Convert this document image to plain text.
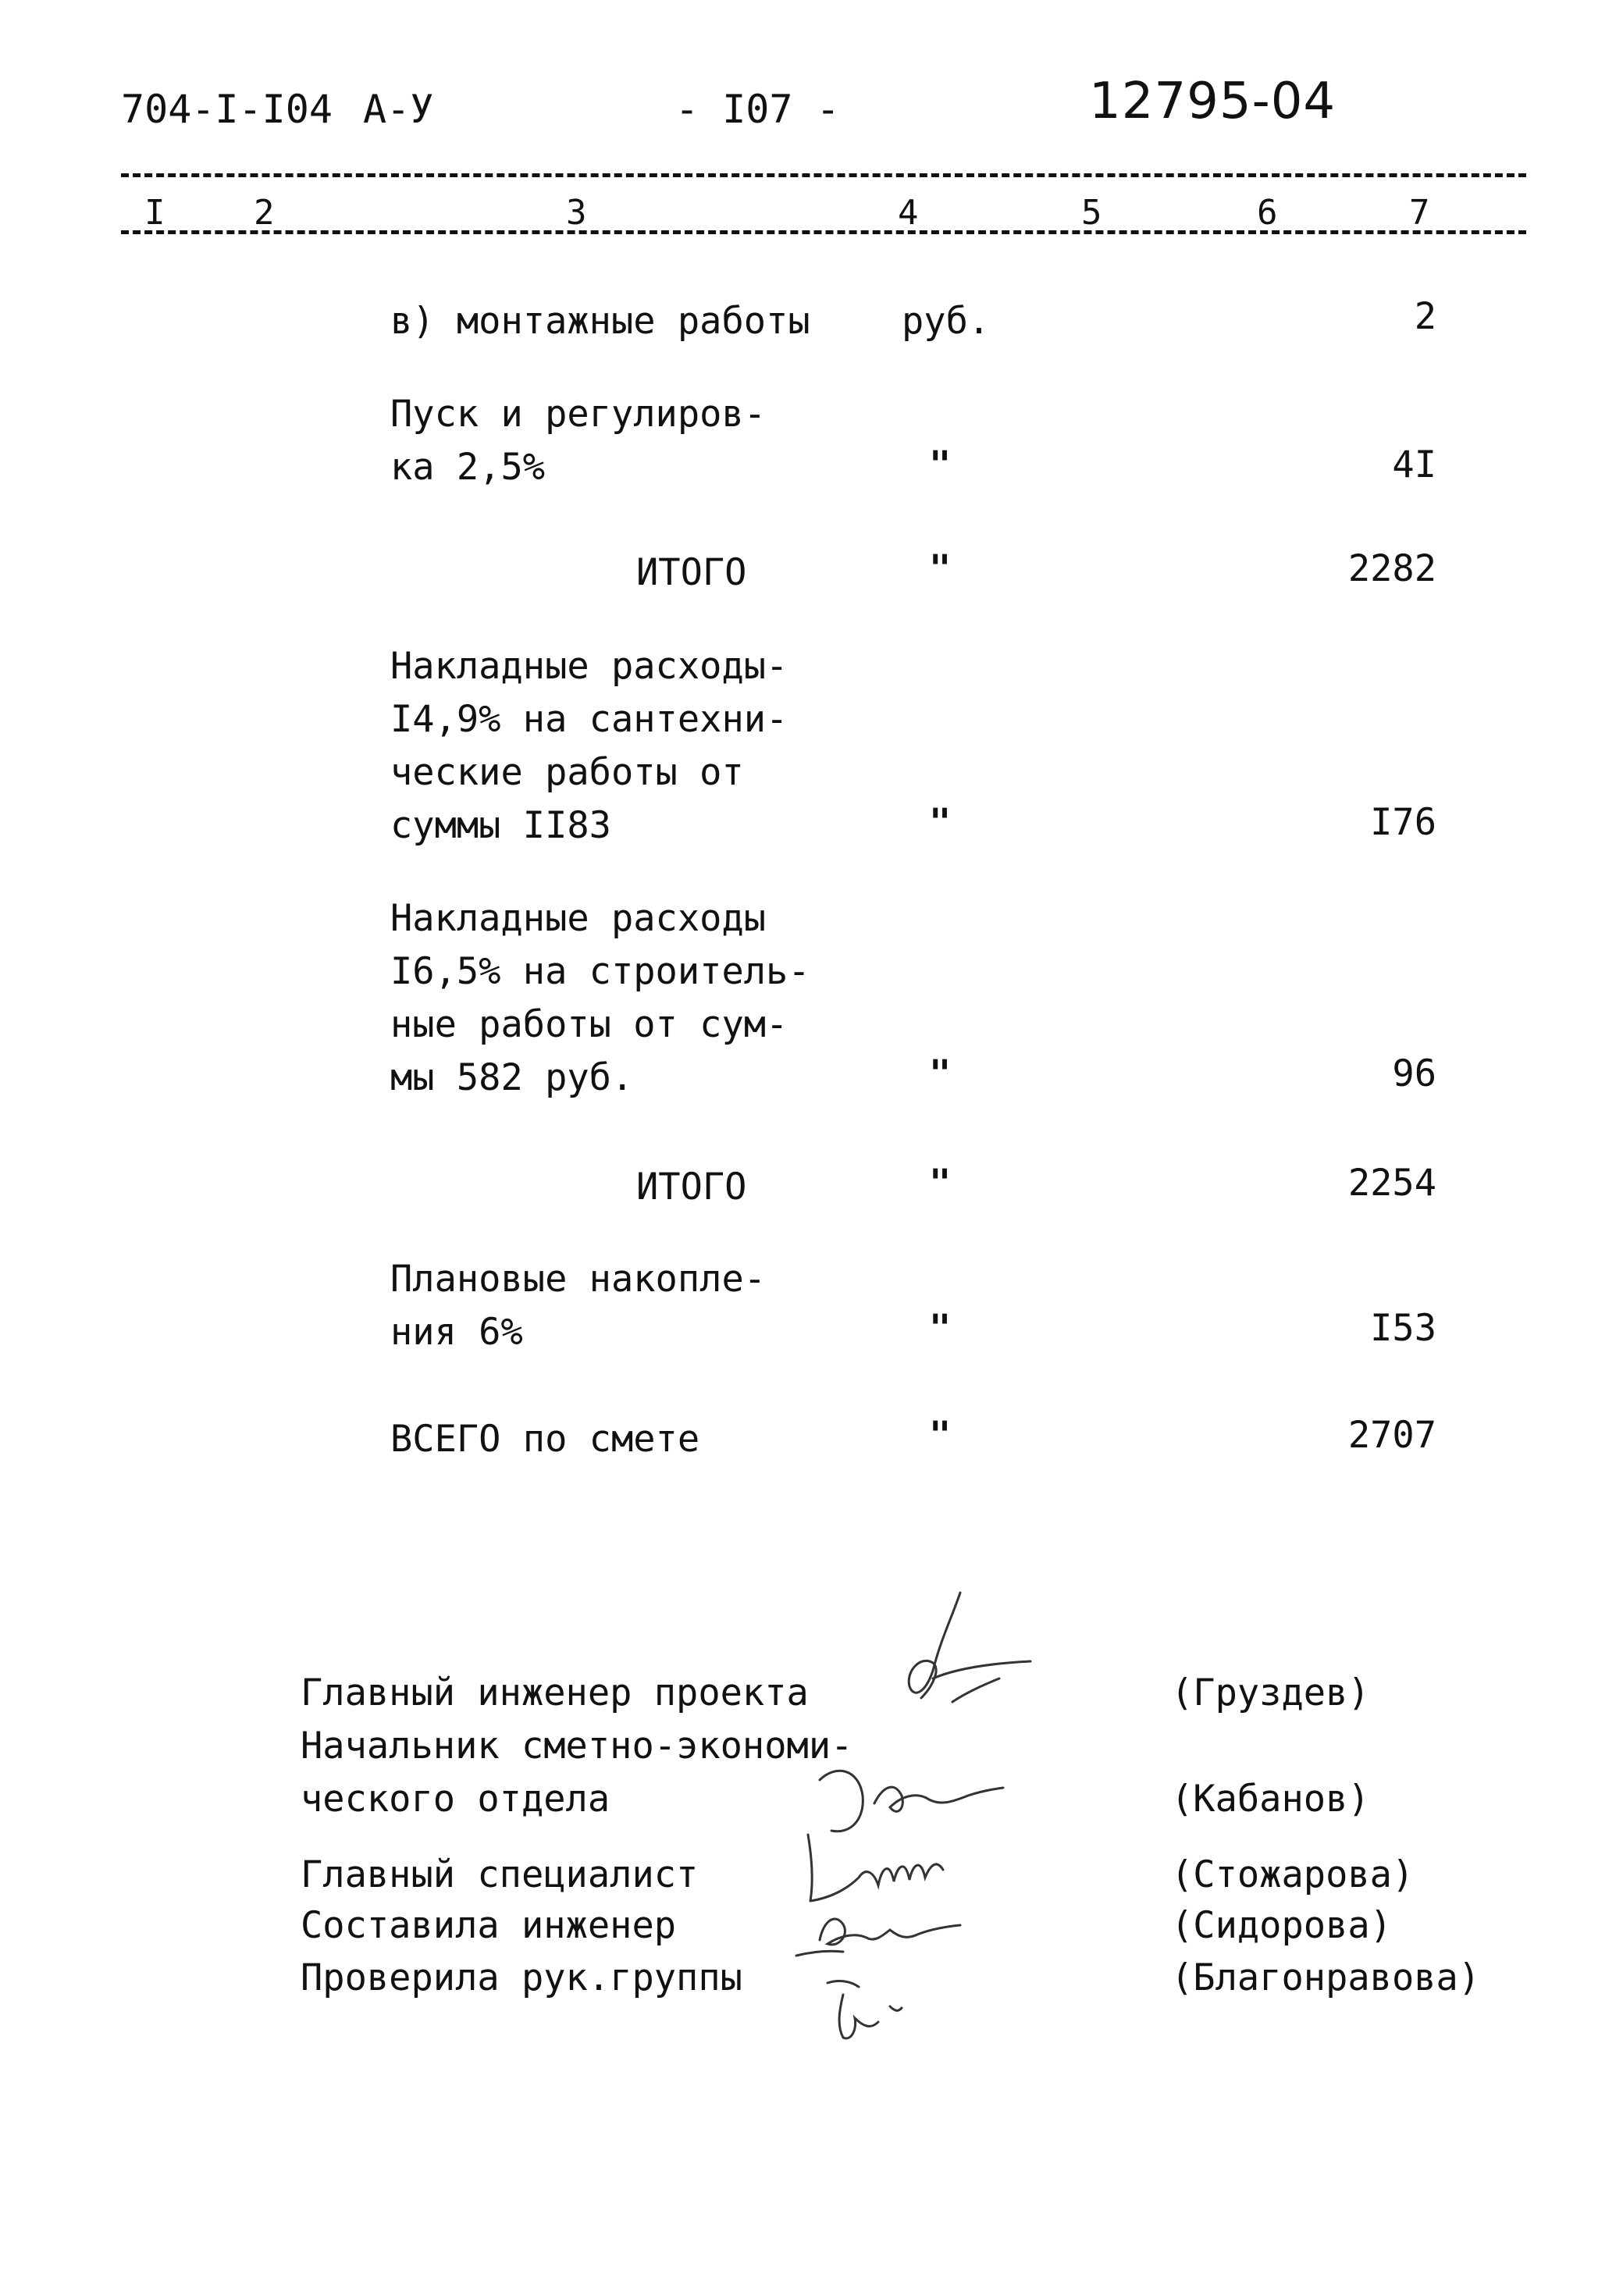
704-I-I04 А-У	- I07 -	12795-04
I	2	3	4	5	6	7
в) монтажные работы руб.	2
Пуск и регулиров-
ка 2,5%	"	4I
ИТОГО	"	2282
Накладные расходы-
I4,9% на сантехни-
ческие работы от
суммы II83	"	I76
Накладные расходы
I6,5% на строитель-
ные работы от сум-
мы 582 руб.	"	96
ИТОГО	"	2254
Плановые накопле-
ния 6%	"	I53
ВСЕГО по смете	"	2707
Главный инженер проекта	(Груздев)
Начальник сметно-экономи-
ческого отдела	(Кабанов)
Главный специалист	(Стожарова)
Составила инженер	(Сидорова)
Проверила рук.группы	(Благонравова)
